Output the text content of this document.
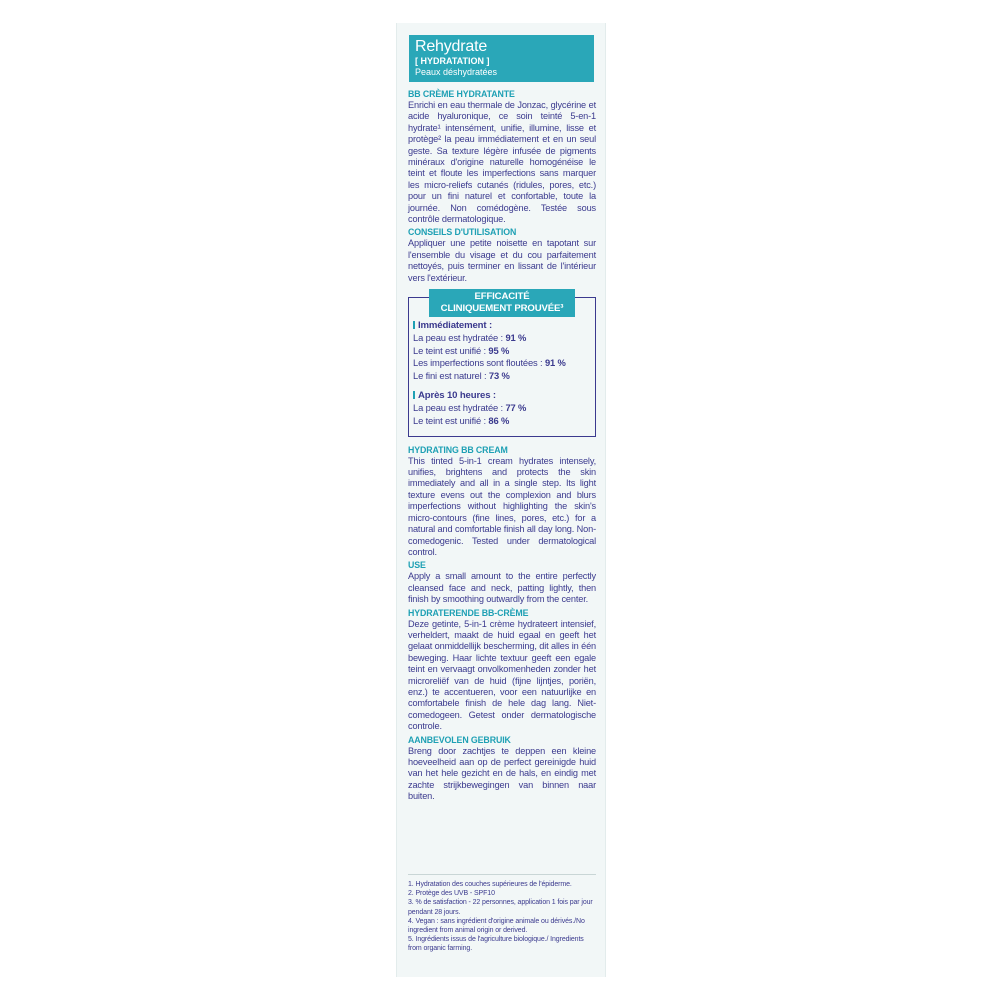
Rehydrate
[ HYDRATATION ]
Peaux déshydratées
BB CRÈME HYDRATANTE

Enrichi en eau thermale de Jonzac, glycérine et acide hyaluronique, ce soin teinté 5-en-1 hydrate¹ intensément, unifie, illumine, lisse et protège² la peau immédiatement et en un seul geste. Sa texture légère infusée de pigments minéraux d'origine naturelle homogénéise le teint et floute les imperfections sans marquer les micro-reliefs cutanés (ridules, pores, etc.) pour un fini naturel et confortable, toute la journée. Non comédogène. Testée sous contrôle dermatologique.

CONSEILS D'UTILISATION

Appliquer une petite noisette en tapotant sur l'ensemble du visage et du cou parfaitement nettoyés, puis terminer en lissant de l'intérieur vers l'extérieur.

EFFICACITÉ
CLINIQUEMENT PROUVÉE³
Immédiatement :
La peau est hydratée : 91 %
Le teint est unifié : 95 %
Les imperfections sont floutées : 91 %
Le fini est naturel : 73 %
Après 10 heures :
La peau est hydratée : 77 %
Le teint est unifié : 86 %
HYDRATING BB CREAM

This tinted 5-in-1 cream hydrates intensely, unifies, brightens and protects the skin immediately and all in a single step. Its light texture evens out the complexion and blurs imperfections without highlighting the skin's micro-contours (fine lines, pores, etc.) for a natural and comfortable finish all day long. Non-comedogenic. Tested under dermatological control.

USE

Apply a small amount to the entire perfectly cleansed face and neck, patting lightly, then finish by smoothing outwardly from the center.

HYDRATERENDE BB-CRÈME

Deze getinte, 5-in-1 crème hydrateert intensief, verheldert, maakt de huid egaal en geeft het gelaat onmiddellijk bescherming, dit alles in één beweging. Haar lichte textuur geeft een egale teint en vervaagt onvolkomenheden zonder het microreliëf van de huid (fijne lijntjes, poriën, enz.) te accentueren, voor een natuurlijke en comfortabele finish de hele dag lang. Niet-comedogeen. Getest onder dermatologische controle.

AANBEVOLEN GEBRUIK

Breng door zachtjes te deppen een kleine hoeveelheid aan op de perfect gereinigde huid van het hele gezicht en de hals, en eindig met zachte strijkbewegingen van binnen naar buiten.

1. Hydratation des couches supérieures de l'épiderme.
2. Protège des UVB - SPF10
3. % de satisfaction - 22 personnes, application 1 fois par jour pendant 28 jours.
4. Vegan : sans ingrédient d'origine animale ou dérivés./No ingredient from animal origin or derived.
5. Ingrédients issus de l'agriculture biologique./ Ingredients from organic farming.
